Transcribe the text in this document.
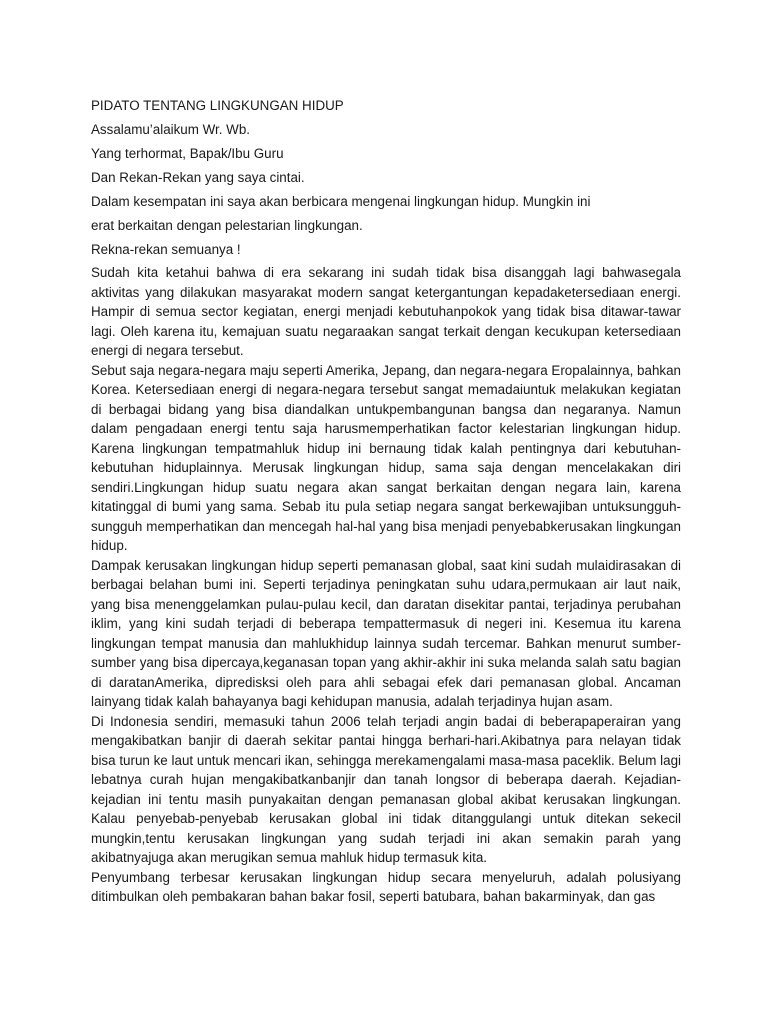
PIDATO TENTANG LINGKUNGAN HIDUP
Assalamu’alaikum Wr. Wb.
Yang terhormat, Bapak/Ibu Guru
Dan Rekan-Rekan yang saya cintai.
Dalam kesempatan ini saya akan berbicara mengenai lingkungan hidup. Mungkin ini
erat berkaitan dengan pelestarian lingkungan.
Rekna-rekan semuanya !

Sudah kita ketahui bahwa di era sekarang ini sudah tidak bisa disanggah lagi bahwasegala aktivitas yang dilakukan masyarakat modern sangat ketergantungan kepadaketersediaan energi. Hampir di semua sector kegiatan, energi menjadi kebutuhanpokok yang tidak bisa ditawar-tawar lagi. Oleh karena itu, kemajuan suatu negaraakan sangat terkait dengan kecukupan ketersediaan energi di negara tersebut.

Sebut saja negara-negara maju seperti Amerika, Jepang, dan negara-negara Eropalainnya, bahkan Korea. Ketersediaan energi di negara-negara tersebut sangat memadaiuntuk melakukan kegiatan di berbagai bidang yang bisa diandalkan untukpembangunan bangsa dan negaranya. Namun dalam pengadaan energi tentu saja harusmemperhatikan factor kelestarian lingkungan hidup. Karena lingkungan tempatmahluk hidup ini bernaung tidak kalah pentingnya dari kebutuhan-kebutuhan hiduplainnya. Merusak lingkungan hidup, sama saja dengan mencelakakan diri sendiri.Lingkungan hidup suatu negara akan sangat berkaitan dengan negara lain, karena kitatinggal di bumi yang sama. Sebab itu pula setiap negara sangat berkewajiban untuksungguh-sungguh memperhatikan dan mencegah hal-hal yang bisa menjadi penyebabkerusakan lingkungan hidup.

Dampak kerusakan lingkungan hidup seperti pemanasan global, saat kini sudah mulaidirasakan di berbagai belahan bumi ini. Seperti terjadinya peningkatan suhu udara,permukaan air laut naik, yang bisa menenggelamkan pulau-pulau kecil, dan daratan disekitar pantai, terjadinya perubahan iklim, yang kini sudah terjadi di beberapa tempattermasuk di negeri ini. Kesemua itu karena lingkungan tempat manusia dan mahlukhidup lainnya sudah tercemar. Bahkan menurut sumber-sumber yang bisa dipercaya,keganasan topan yang akhir-akhir ini suka melanda salah satu bagian di daratanAmerika, dipredisksi oleh para ahli sebagai efek dari pemanasan global. Ancaman lainyang tidak kalah bahayanya bagi kehidupan manusia, adalah terjadinya hujan asam.

Di Indonesia sendiri, memasuki tahun 2006 telah terjadi angin badai di beberapaperairan yang mengakibatkan banjir di daerah sekitar pantai hingga berhari-hari.Akibatnya para nelayan tidak bisa turun ke laut untuk mencari ikan, sehingga merekamengalami masa-masa paceklik. Belum lagi lebatnya curah hujan mengakibatkanbanjir dan tanah longsor di beberapa daerah. Kejadian-kejadian ini tentu masih punyakaitan dengan pemanasan global akibat kerusakan lingkungan. Kalau penyebab-penyebab kerusakan global ini tidak ditanggulangi untuk ditekan sekecil mungkin,tentu kerusakan lingkungan yang sudah terjadi ini akan semakin parah yang akibatnyajuga akan merugikan semua mahluk hidup termasuk kita.

Penyumbang terbesar kerusakan lingkungan hidup secara menyeluruh, adalah polusiyang ditimbulkan oleh pembakaran bahan bakar fosil, seperti batubara, bahan bakarminyak, dan gas
